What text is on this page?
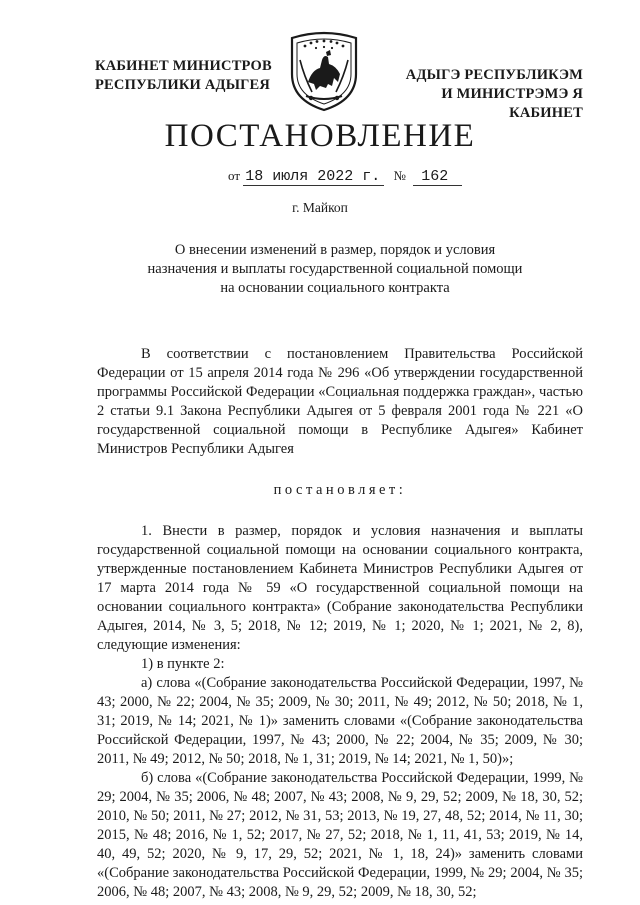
КАБИНЕТ МИНИСТРОВ
РЕСПУБЛИКИ АДЫГЕЯ
АДЫГЭ РЕСПУБЛИКЭМ
И МИНИСТРЭМЭ Я КАБИНЕТ
ПОСТАНОВЛЕНИЕ
от 18 июля 2022 г. № 162
г. Майкоп
О внесении изменений в размер, порядок и условия
назначения и выплаты государственной социальной помощи
на основании социального контракта

В соответствии с постановлением Правительства Российской Федерации от 15 апреля 2014 года № 296 «Об утверждении государственной программы Российской Федерации «Социальная поддержка граждан», частью 2 статьи 9.1 Закона Республики Адыгея от 5 февраля 2001 года № 221 «О государственной социальной помощи в Республике Адыгея» Кабинет Министров Республики Адыгея

постановляет:

1. Внести в размер, порядок и условия назначения и выплаты государственной социальной помощи на основании социального контракта, утвержденные постановлением Кабинета Министров Республики Адыгея от 17 марта 2014 года № 59 «О государственной социальной помощи на основании социального контракта» (Собрание законодательства Республики Адыгея, 2014, № 3, 5; 2018, № 12; 2019, № 1; 2020, № 1; 2021, № 2, 8), следующие изменения:

1) в пункте 2:

а) слова «(Собрание законодательства Российской Федерации, 1997, № 43; 2000, № 22; 2004, № 35; 2009, № 30; 2011, № 49; 2012, № 50; 2018, № 1, 31; 2019, № 14; 2021, № 1)» заменить словами «(Собрание законодательства Российской Федерации, 1997, № 43; 2000, № 22; 2004, № 35; 2009, № 30; 2011, № 49; 2012, № 50; 2018, № 1, 31; 2019, № 14; 2021, № 1, 50)»;

б) слова «(Собрание законодательства Российской Федерации, 1999, № 29; 2004, № 35; 2006, № 48; 2007, № 43; 2008, № 9, 29, 52; 2009, № 18, 30, 52; 2010, № 50; 2011, № 27; 2012, № 31, 53; 2013, № 19, 27, 48, 52; 2014, № 11, 30; 2015, № 48; 2016, № 1, 52; 2017, № 27, 52; 2018, № 1, 11, 41, 53; 2019, № 14, 40, 49, 52; 2020, № 9, 17, 29, 52; 2021, № 1, 18, 24)» заменить словами «(Собрание законодательства Российской Федерации, 1999, № 29; 2004, № 35; 2006, № 48; 2007, № 43; 2008, № 9, 29, 52; 2009, № 18, 30, 52;
